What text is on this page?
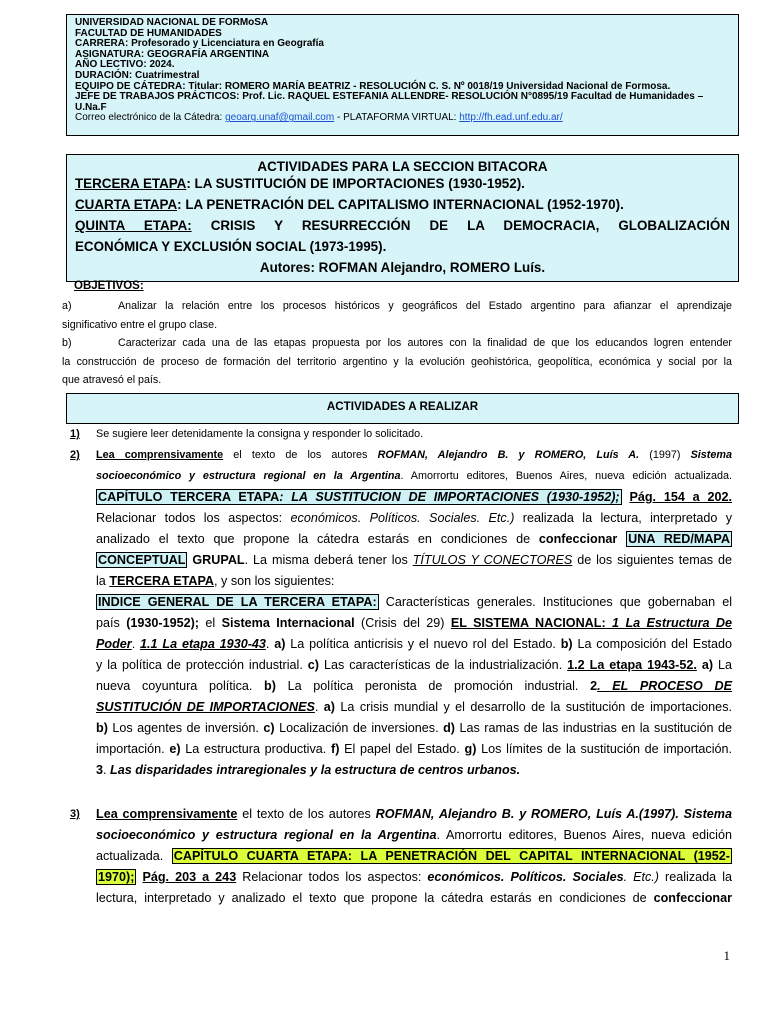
UNIVERSIDAD NACIONAL DE FORMoSA
FACULTAD DE HUMANIDADES
CARRERA: Profesorado y Licenciatura en Geografía
ASIGNATURA: GEOGRAFÍA ARGENTINA
AÑO LECTIVO: 2024.
DURACIÓN: Cuatrimestral
EQUIPO DE CÁTEDRA: Titular: ROMERO MARÍA BEATRIZ - RESOLUCIÓN C. S. Nº 0018/19 Universidad Nacional de Formosa.
JEFE DE TRABAJOS PRÁCTICOS: Prof. Lic. RAQUEL ESTEFANIA ALLENDRE- RESOLUCIÓN N°0895/19 Facultad de Humanidades –
U.Na.F
Correo electrónico de la Cátedra: geoarg.unaf@gmail.com - PLATAFORMA VIRTUAL: http://fh.ead.unf.edu.ar/
ACTIVIDADES PARA LA SECCION BITACORA
TERCERA ETAPA: LA SUSTITUCIÓN DE IMPORTACIONES (1930-1952).
CUARTA ETAPA: LA PENETRACIÓN DEL CAPITALISMO INTERNACIONAL (1952-1970).
QUINTA ETAPA: CRISIS Y RESURRECCIÓN DE LA DEMOCRACIA, GLOBALIZACIÓN
ECONÓMICA Y EXCLUSIÓN SOCIAL (1973-1995).
Autores: ROFMAN Alejandro, ROMERO Luís.
OBJETIVOS:
a)	Analizar la relación entre los procesos históricos y geográficos del Estado argentino para afianzar el aprendizaje
significativo entre el grupo clase.
b)	Caracterizar cada una de las etapas propuesta por los autores con la finalidad de que los educandos logren entender
la construcción de proceso de formación del territorio argentino y la evolución geohistórica, geopolítica, económica y social por la
que atravesó el país.
ACTIVIDADES A REALIZAR
1) Se sugiere leer detenidamente la consigna y responder lo solicitado.
2) Lea comprensivamente el texto de los autores ROFMAN, Alejandro B. y ROMERO, Luís A. (1997) Sistema
socioeconómico y estructura regional en la Argentina. Amorrortu editores, Buenos Aires, nueva edición actualizada.
CAPÍTULO TERCERA ETAPA: LA SUSTITUCION DE IMPORTACIONES (1930-1952); Pág. 154 a 202.
Relacionar todos los aspectos: económicos. Políticos. Sociales. Etc.) realizada la lectura, interpretado y
analizado el texto que propone la cátedra estarás en condiciones de confeccionar UNA RED/MAPA
CONCEPTUAL GRUPAL. La misma deberá tener los TÍTULOS Y CONECTORES de los siguientes temas de
la TERCERA ETAPA, y son los siguientes:
INDICE GENERAL DE LA TERCERA ETAPA: Características generales. Instituciones que gobernaban el
país (1930-1952); el Sistema Internacional (Crisis del 29) EL SISTEMA NACIONAL: 1 La Estructura De
Poder. 1.1 La etapa 1930-43. a) La política anticrisis y el nuevo rol del Estado. b) La composición del Estado
y la política de protección industrial. c) Las características de la industrialización. 1.2 La etapa 1943-52. a) La
nueva coyuntura política. b) La política peronista de promoción industrial. 2. EL PROCESO DE
SUSTITUCIÓN DE IMPORTACIONES. a) La crisis mundial y el desarrollo de la sustitución de importaciones.
b) Los agentes de inversión. c) Localización de inversiones. d) Las ramas de las industrias en la sustitución de
importación. e) La estructura productiva. f) El papel del Estado. g) Los límites de la sustitución de importación.
3. Las disparidades intraregionales y la estructura de centros urbanos.
3) Lea comprensivamente el texto de los autores ROFMAN, Alejandro B. y ROMERO, Luís A.(1997). Sistema
socioeconómico y estructura regional en la Argentina. Amorrortu editores, Buenos Aires, nueva edición
actualizada. CAPÍTULO CUARTA ETAPA: LA PENETRACIÓN DEL CAPITAL INTERNACIONAL (1952-
1970); Pág. 203 a 243 Relacionar todos los aspectos: económicos. Políticos. Sociales. Etc.) realizada la
lectura, interpretado y analizado el texto que propone la cátedra estarás en condiciones de confeccionar
1
